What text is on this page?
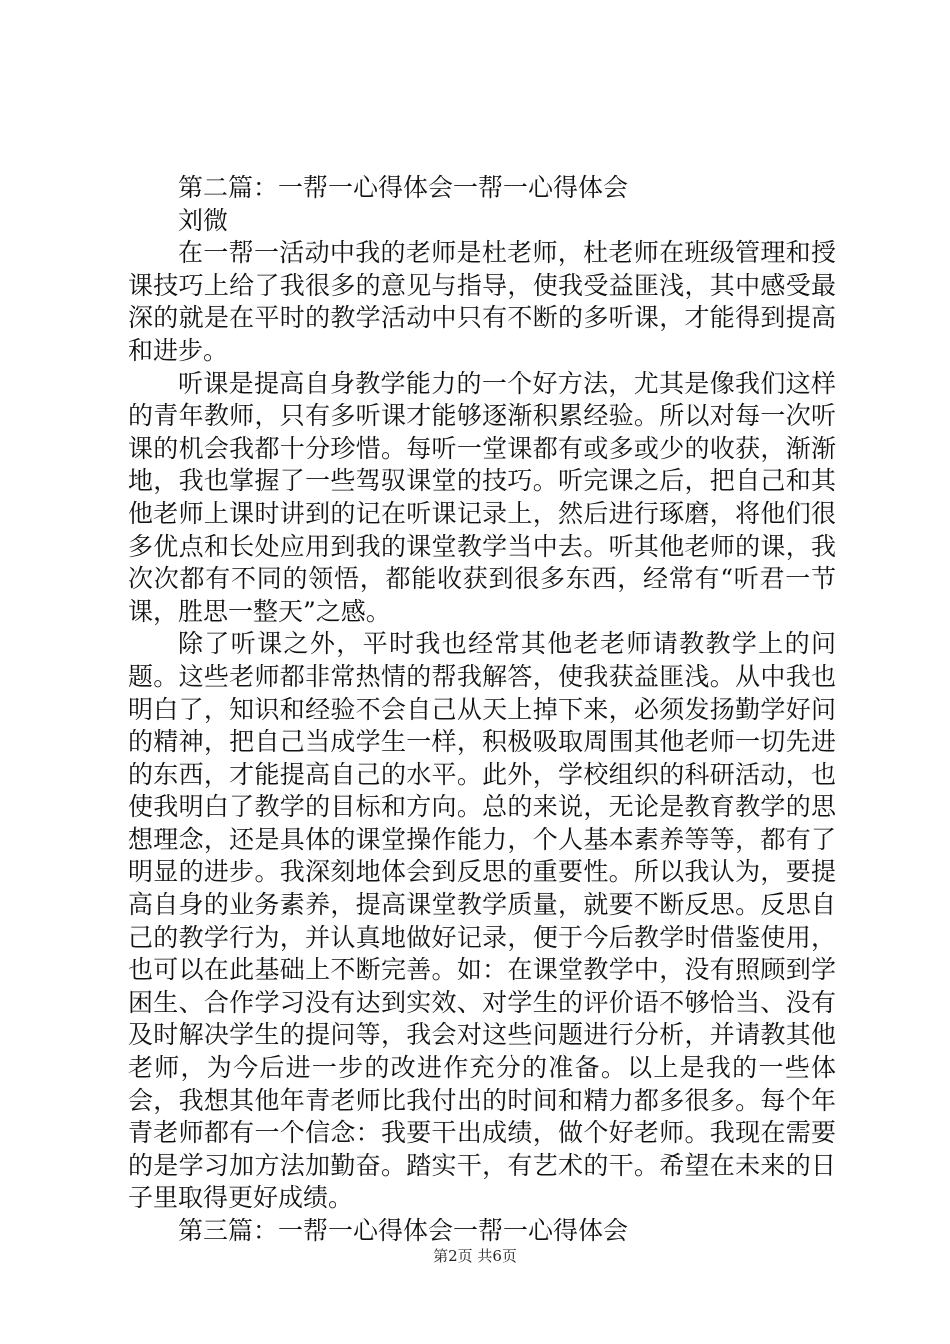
第二篇：一帮一心得体会一帮一心得体会

刘微

在一帮一活动中我的老师是杜老师，杜老师在班级管理和授课技巧上给了我很多的意见与指导，使我受益匪浅，其中感受最深的就是在平时的教学活动中只有不断的多听课，才能得到提高和进步。

听课是提高自身教学能力的一个好方法，尤其是像我们这样的青年教师，只有多听课才能够逐渐积累经验。所以对每一次听课的机会我都十分珍惜。每听一堂课都有或多或少的收获，渐渐地，我也掌握了一些驾驭课堂的技巧。听完课之后，把自己和其他老师上课时讲到的记在听课记录上，然后进行琢磨，将他们很多优点和长处应用到我的课堂教学当中去。听其他老师的课，我次次都有不同的领悟，都能收获到很多东西，经常有“听君一节课，胜思一整天”之感。

除了听课之外，平时我也经常其他老老师请教教学上的问题。这些老师都非常热情的帮我解答，使我获益匪浅。从中我也明白了，知识和经验不会自己从天上掉下来，必须发扬勤学好问的精神，把自己当成学生一样，积极吸取周围其他老师一切先进的东西，才能提高自己的水平。此外，学校组织的科研活动，也使我明白了教学的目标和方向。总的来说，无论是教育教学的思想理念，还是具体的课堂操作能力，个人基本素养等等，都有了明显的进步。我深刻地体会到反思的重要性。所以我认为，要提高自身的业务素养，提高课堂教学质量，就要不断反思。反思自己的教学行为，并认真地做好记录，便于今后教学时借鉴使用，也可以在此基础上不断完善。如：在课堂教学中，没有照顾到学困生、合作学习没有达到实效、对学生的评价语不够恰当、没有及时解决学生的提问等，我会对这些问题进行分析，并请教其他老师，为今后进一步的改进作充分的准备。以上是我的一些体会，我想其他年青老师比我付出的时间和精力都多很多。每个年青老师都有一个信念：我要干出成绩，做个好老师。我现在需要的是学习加方法加勤奋。踏实干，有艺术的干。希望在未来的日子里取得更好成绩。

第三篇：一帮一心得体会一帮一心得体会

第2页 共6页
